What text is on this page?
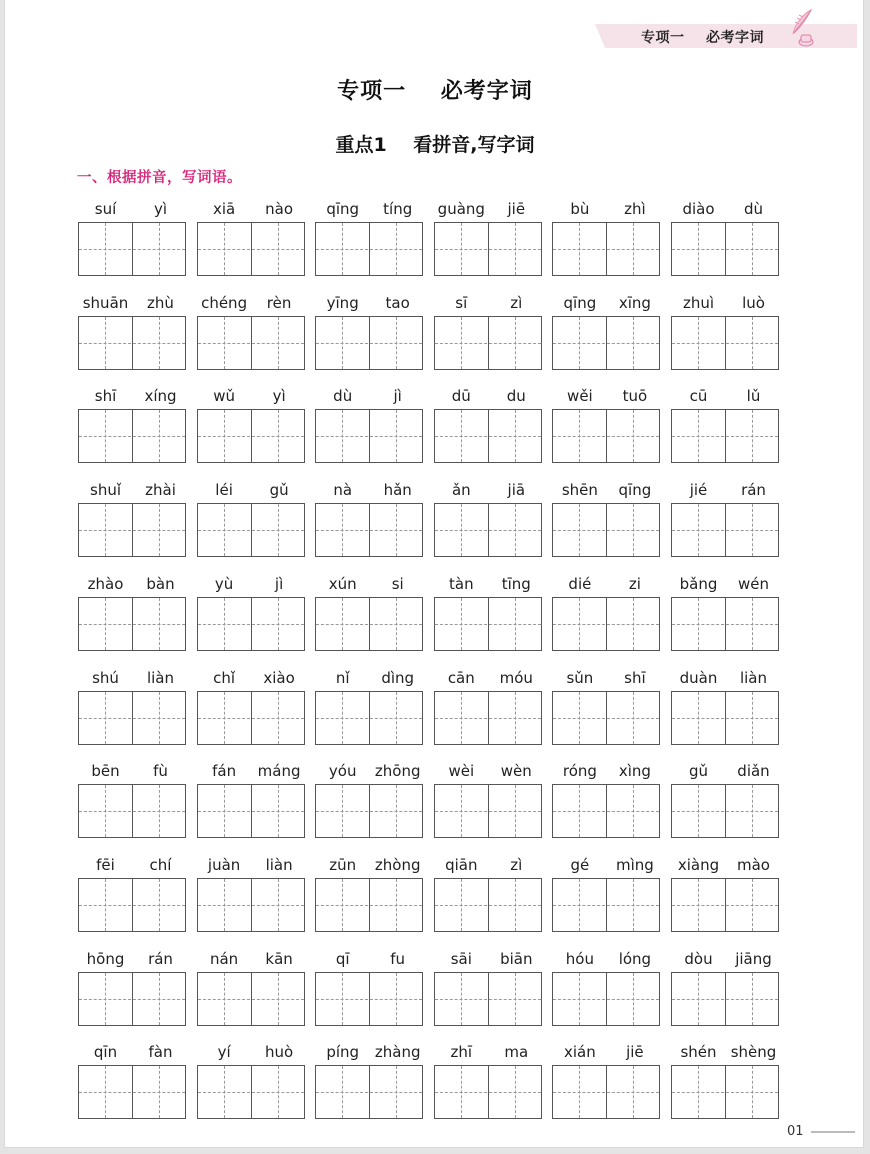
专项一    必考字词
专项一    必考字词
重点1    看拼音,写字词
一、根据拼音，写词语。
suí	yì	xiā	nào	qīng	tíng	guàng	jiē	bù	zhì	diào	dù
shuān	zhù	chéng	rèn	yīng	tao	sī	zì	qīng	xīng	zhuì	luò
shī	xíng	wǔ	yì	dù	jì	dū	du	wěi	tuō	cū	lǔ
shuǐ	zhài	léi	gǔ	nà	hǎn	ǎn	jiā	shēn	qīng	jié	rán
zhào	bàn	yù	jì	xún	si	tàn	tīng	dié	zi	bǎng	wén
shú	liàn	chǐ	xiào	nǐ	dìng	cān	móu	sǔn	shī	duàn	liàn
bēn	fù	fán	máng	yóu	zhōng	wèi	wèn	róng	xìng	gǔ	diǎn
fēi	chí	juàn	liàn	zūn	zhòng	qiān	zì	gé	mìng	xiàng	mào
hōng	rán	nán	kān	qī	fu	sāi	biān	hóu	lóng	dòu	jiāng
qīn	fàn	yí	huò	píng	zhàng	zhī	ma	xián	jiē	shén shèng
01
